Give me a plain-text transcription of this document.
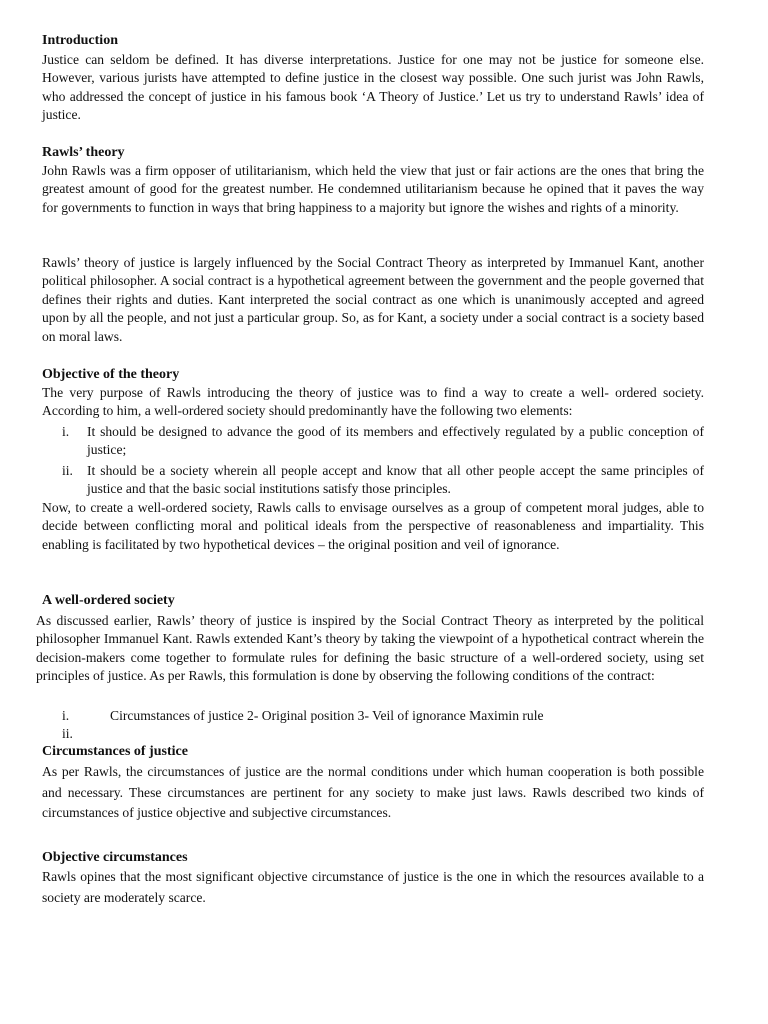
Introduction

Justice can seldom be defined. It has diverse interpretations. Justice for one may not be justice for someone else. However, various jurists have attempted to define justice in the closest way possible. One such jurist was John Rawls, who addressed the concept of justice in his famous book ‘A Theory of Justice.’ Let us try to understand Rawls’ idea of justice.

Rawls’ theory

John Rawls was a firm opposer of utilitarianism, which held the view that just or fair actions are the ones that bring the greatest amount of good for the greatest number. He condemned utilitarianism because he opined that it paves the way for governments to function in ways that bring happiness to a majority but ignore the wishes and rights of a minority.

Rawls’ theory of justice is largely influenced by the Social Contract Theory as interpreted by Immanuel Kant, another political philosopher. A social contract is a hypothetical agreement between the government and the people governed that defines their rights and duties. Kant interpreted the social contract as one which is unanimously accepted and agreed upon by all the people, and not just a particular group. So, as for Kant, a society under a social contract is a society based on moral laws.

Objective of the theory

The very purpose of Rawls introducing the theory of justice was to find a way to create a well- ordered society. According to him, a well-ordered society should predominantly have the following two elements:

i. It should be designed to advance the good of its members and effectively regulated by a public conception of justice;

ii. It should be a society wherein all people accept and know that all other people accept the same principles of justice and that the basic social institutions satisfy those principles.

Now, to create a well-ordered society, Rawls calls to envisage ourselves as a group of competent moral judges, able to decide between conflicting moral and political ideals from the perspective of reasonableness and impartiality. This enabling is facilitated by two hypothetical devices – the original position and veil of ignorance.

A well-ordered society

As discussed earlier, Rawls’ theory of justice is inspired by the Social Contract Theory as interpreted by the political philosopher Immanuel Kant. Rawls extended Kant’s theory by taking the viewpoint of a hypothetical contract wherein the decision-makers come together to formulate rules for defining the basic structure of a well-ordered society, using set principles of justice. As per Rawls, this formulation is done by observing the following conditions of the contract:

i.	Circumstances of justice 2- Original position 3- Veil of ignorance Maximin rule
ii.
Circumstances of justice

As per Rawls, the circumstances of justice are the normal conditions under which human cooperation is both possible and necessary. These circumstances are pertinent for any society to make just laws. Rawls described two kinds of circumstances of justice objective and subjective circumstances.

Objective circumstances

Rawls opines that the most significant objective circumstance of justice is the one in which the resources available to a society are moderately scarce.
